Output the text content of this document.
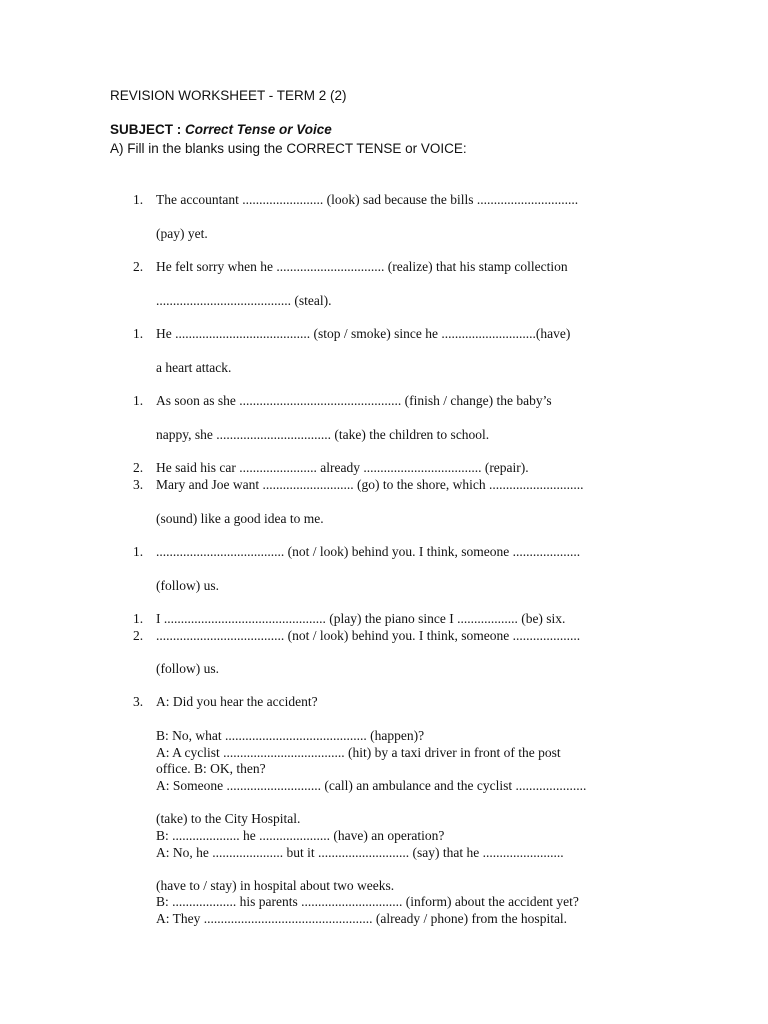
REVISION WORKSHEET - TERM 2 (2)
SUBJECT : Correct Tense or Voice
A) Fill in the blanks using the CORRECT TENSE or VOICE:
1. The accountant ........................ (look) sad because the bills ..............................
(pay) yet.
2. He felt sorry when he ................................ (realize) that his stamp collection
........................................ (steal).
1. He ........................................ (stop / smoke) since he ............................(have)
a heart attack.
1. As soon as she ................................................ (finish / change) the baby’s
nappy, she .................................. (take) the children to school.
2. He said his car ....................... already ................................... (repair).
3. Mary and Joe want ........................... (go) to the shore, which ............................
(sound) like a good idea to me.
1. ...................................... (not / look) behind you. I think, someone ....................
(follow) us.
1. I ................................................ (play) the piano since I .................. (be) six.
2. ...................................... (not / look) behind you. I think, someone ....................
(follow) us.
3. A: Did you hear the accident?
B: No, what .......................................... (happen)?
A: A cyclist .................................... (hit) by a taxi driver in front of the post
office. B: OK, then?
A: Someone ............................ (call) an ambulance and the cyclist .....................
(take) to the City Hospital.
B: .................... he ..................... (have) an operation?
A: No, he ..................... but it ........................... (say) that he ........................
(have to / stay) in hospital about two weeks.
B: ................... his parents .............................. (inform) about the accident yet?
A: They .................................................. (already / phone) from the hospital.
